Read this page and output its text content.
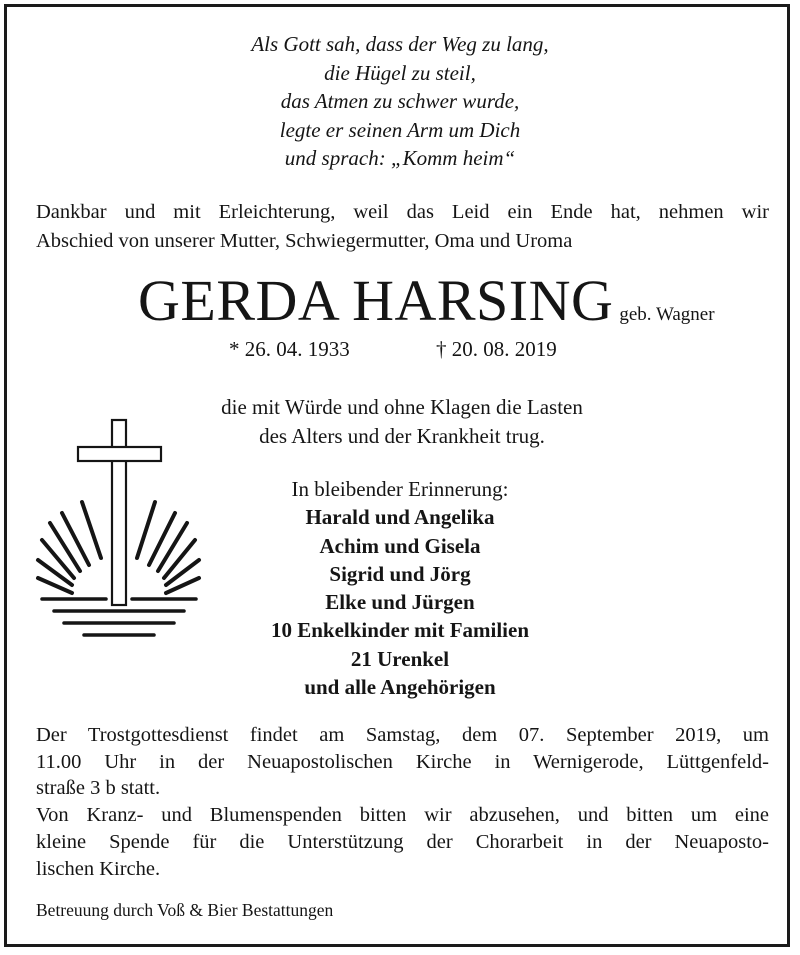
Als Gott sah, dass der Weg zu lang,
die Hügel zu steil,
das Atmen zu schwer wurde,
legte er seinen Arm um Dich
und sprach: „Komm heim“
Dankbar und mit Erleichterung, weil das Leid ein Ende hat, nehmen wir
Abschied von unserer Mutter, Schwiegermutter, Oma und Uroma
GERDA HARSING geb. Wagner
* 26. 04. 1933	† 20. 08. 2019
die mit Würde und ohne Klagen die Lasten
des Alters und der Krankheit trug.
In bleibender Erinnerung:
Harald und Angelika
Achim und Gisela
Sigrid und Jörg
Elke und Jürgen
10 Enkelkinder mit Familien
21 Urenkel
und alle Angehörigen
Der Trostgottesdienst findet am Samstag, dem 07. September 2019, um
11.00 Uhr in der Neuapostolischen Kirche in Wernigerode, Lüttgenfeld-
straße 3 b statt.
Von Kranz- und Blumenspenden bitten wir abzusehen, und bitten um eine
kleine Spende für die Unterstützung der Chorarbeit in der Neuaposto-
lischen Kirche.
Betreuung durch Voß & Bier Bestattungen
